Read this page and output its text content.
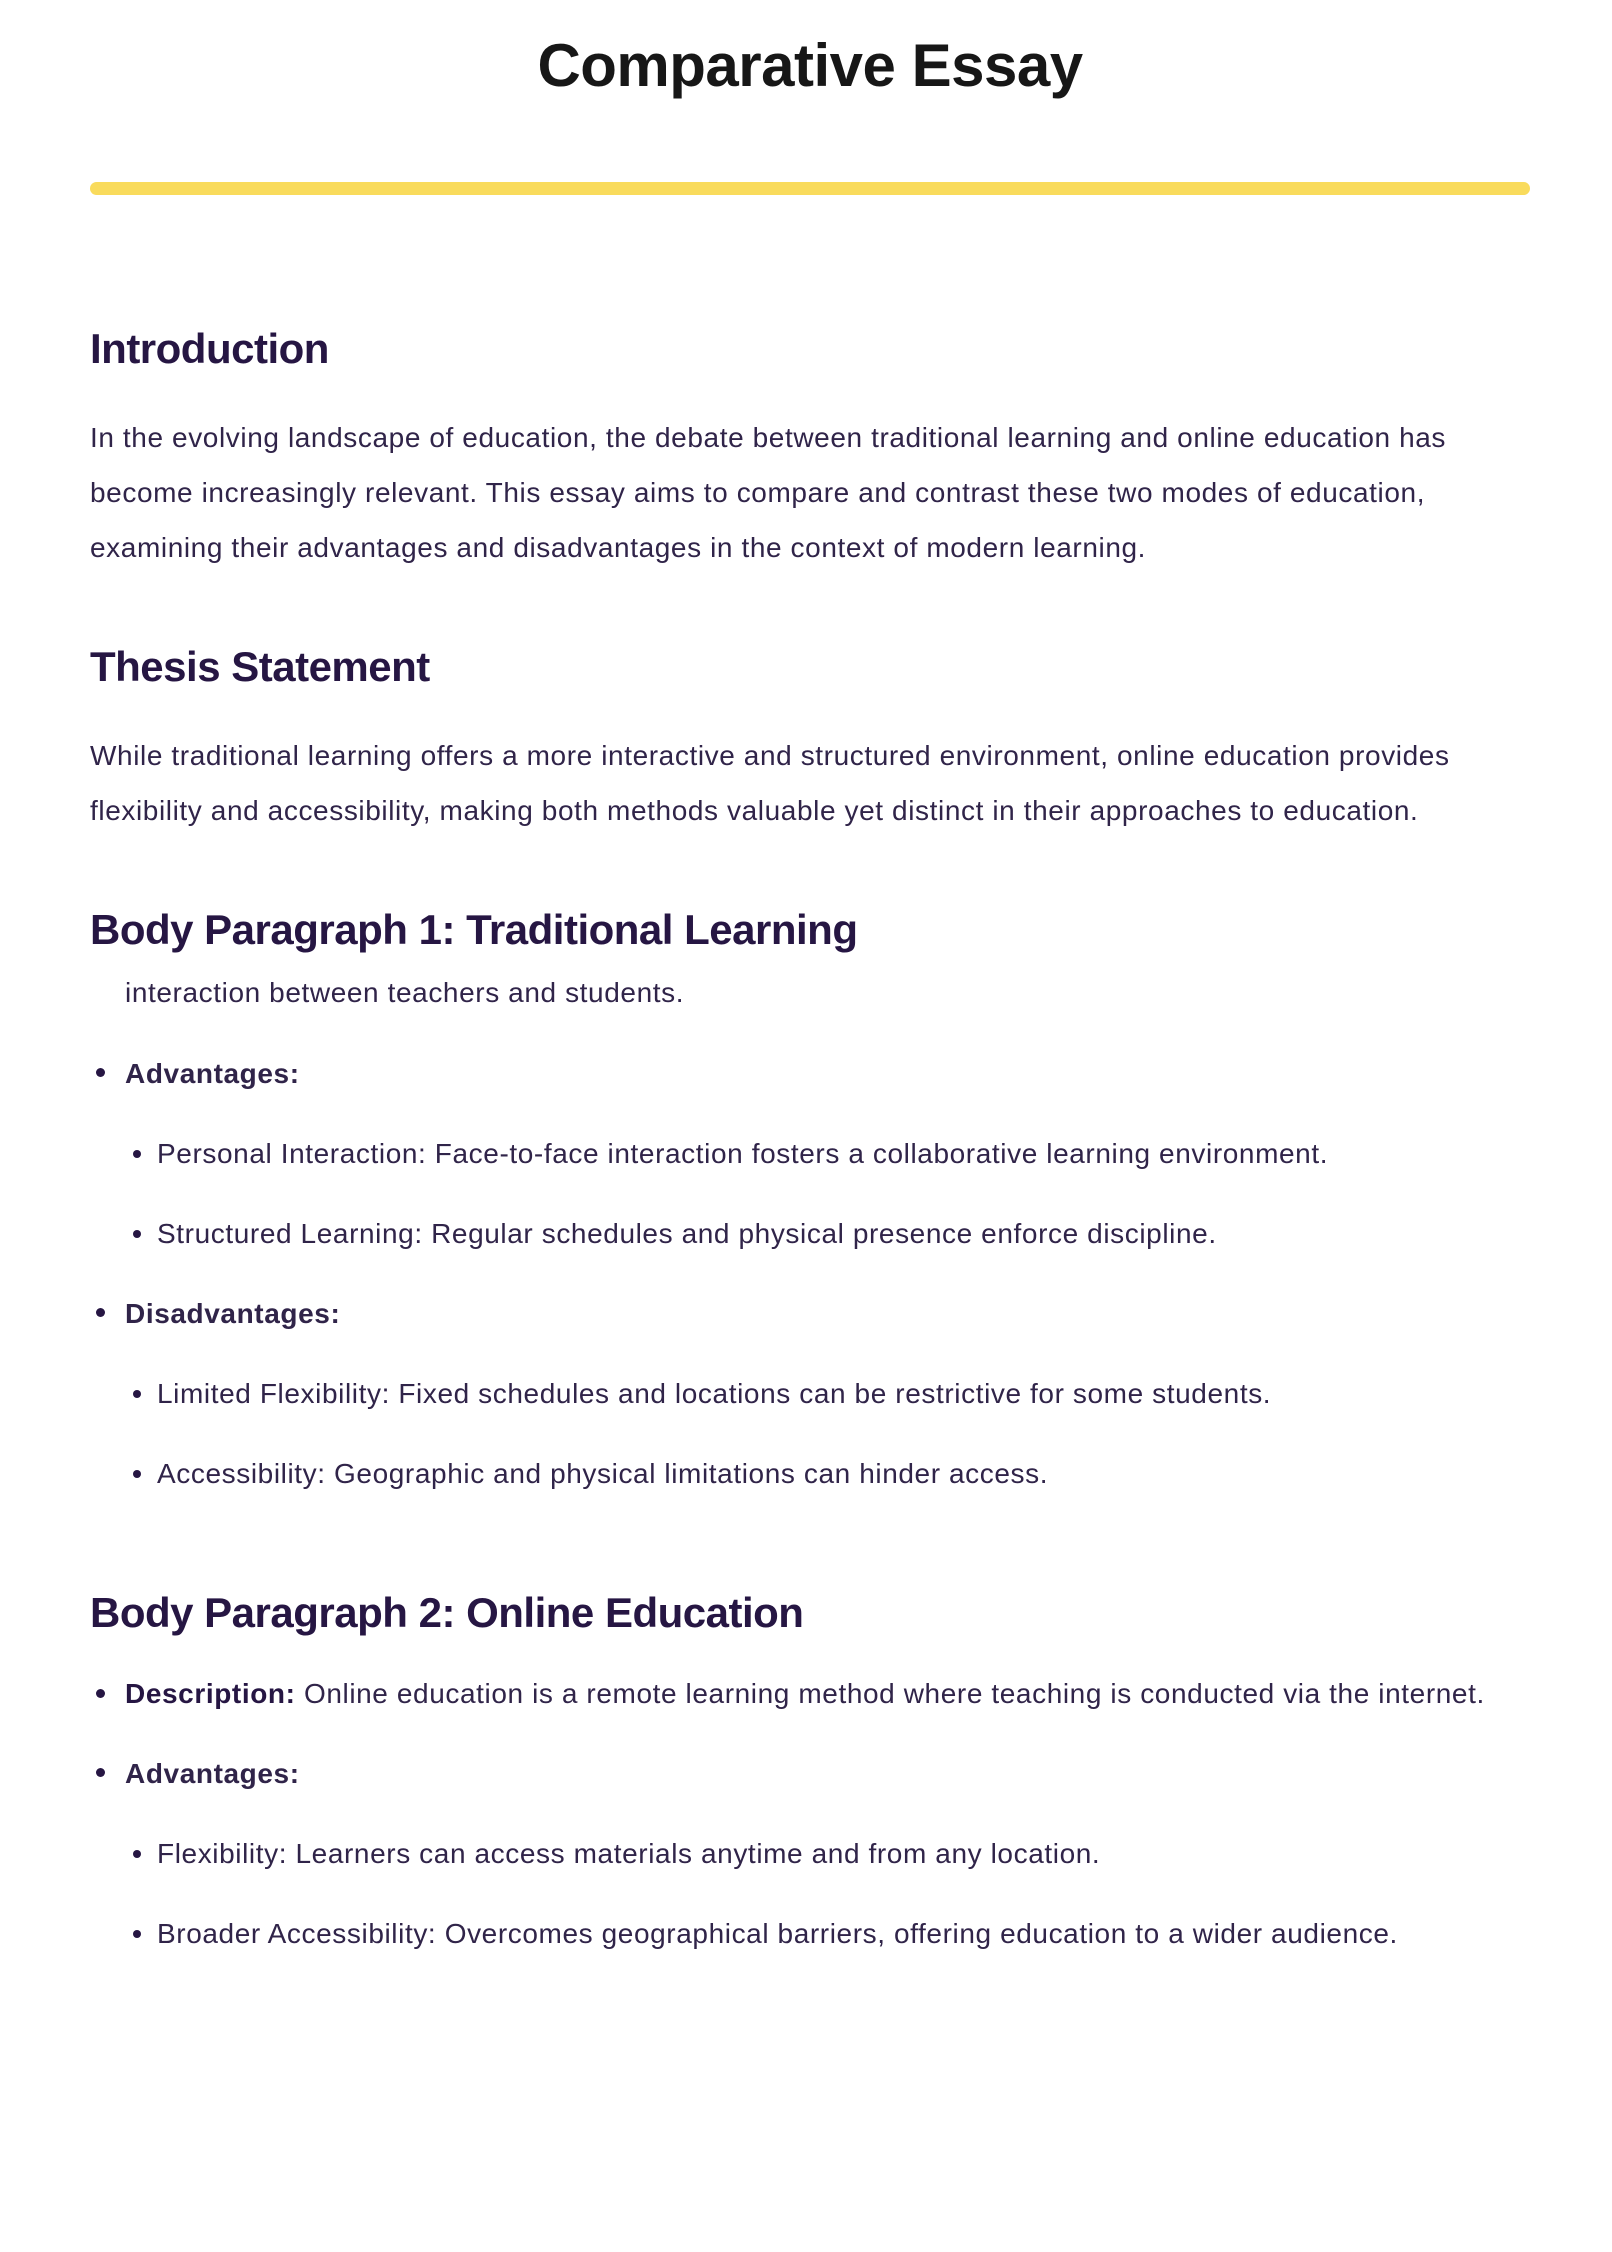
Comparative Essay
Introduction

In the evolving landscape of education, the debate between traditional learning and online education has become increasingly relevant. This essay aims to compare and contrast these two modes of education, examining their advantages and disadvantages in the context of modern learning.

Thesis Statement

While traditional learning offers a more interactive and structured environment, online education provides flexibility and accessibility, making both methods valuable yet distinct in their approaches to education.

Body Paragraph 1: Traditional Learning

interaction between teachers and students.

Advantages:
Personal Interaction: Face-to-face interaction fosters a collaborative learning environment.
Structured Learning: Regular schedules and physical presence enforce discipline.
Disadvantages:
Limited Flexibility: Fixed schedules and locations can be restrictive for some students.
Accessibility: Geographic and physical limitations can hinder access.
Body Paragraph 2: Online Education
Description: Online education is a remote learning method where teaching is conducted via the internet.
Advantages:
Flexibility: Learners can access materials anytime and from any location.
Broader Accessibility: Overcomes geographical barriers, offering education to a wider audience.
